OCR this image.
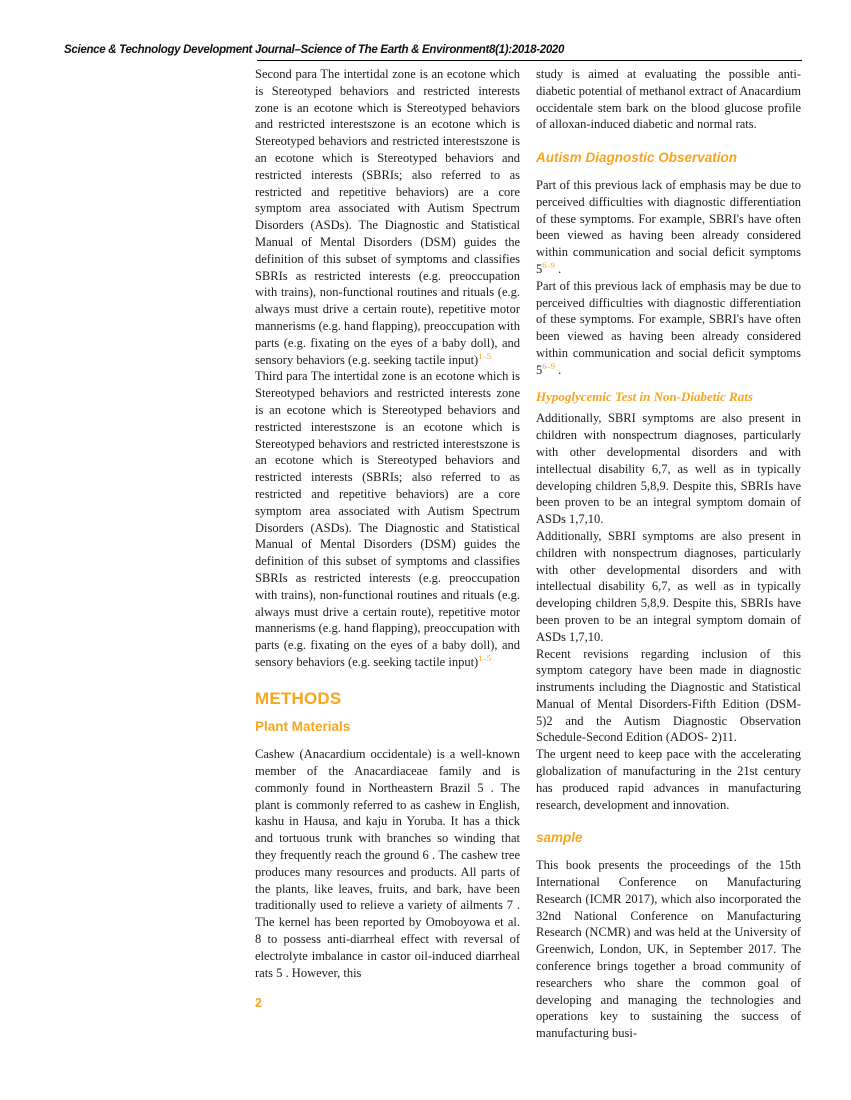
Science & Technology Development Journal–Science of The Earth & Environment8(1):2018-2020

Second para The intertidal zone is an ecotone which is Stereotyped behaviors and restricted interests zone is an ecotone which is Stereotyped behaviors and restricted interestszone is an ecotone which is Stereotyped behaviors and restricted interestszone is an ecotone which is Stereotyped behaviors and restricted interests (SBRIs; also referred to as restricted and repetitive behaviors) are a core symptom area associated with Autism Spectrum Disorders (ASDs). The Diagnostic and Statistical Manual of Mental Disorders (DSM) guides the definition of this subset of symptoms and classifies SBRIs as restricted interests (e.g. preoccupation with trains), non-functional routines and rituals (e.g. always must drive a certain route), repetitive motor mannerisms (e.g. hand flapping), preoccupation with parts (e.g. fixating on the eyes of a baby doll), and sensory behaviors (e.g. seeking tactile input)$^{1-5}$

Third para The intertidal zone is an ecotone which is Stereotyped behaviors and restricted interests zone is an ecotone which is Stereotyped behaviors and restricted interestszone is an ecotone which is Stereotyped behaviors and restricted interestszone is an ecotone which is Stereotyped behaviors and restricted interests (SBRIs; also referred to as restricted and repetitive behaviors) are a core symptom area associated with Autism Spectrum Disorders (ASDs). The Diagnostic and Statistical Manual of Mental Disorders (DSM) guides the definition of this subset of symptoms and classifies SBRIs as restricted interests (e.g. preoccupation with trains), non-functional routines and rituals (e.g. always must drive a certain route), repetitive motor mannerisms (e.g. hand flapping), preoccupation with parts (e.g. fixating on the eyes of a baby doll), and sensory behaviors (e.g. seeking tactile input)$^{1-5}$

METHODS
Plant Materials

Cashew (Anacardium occidentale) is a well-known member of the Anacardiaceae family and is commonly found in Northeastern Brazil 5 . The plant is commonly referred to as cashew in English, kashu in Hausa, and kaju in Yoruba. It has a thick and tortuous trunk with branches so winding that they frequently reach the ground 6 . The cashew tree produces many resources and products. All parts of the plants, like leaves, fruits, and bark, have been traditionally used to relieve a variety of ailments 7 . The kernel has been reported by Omoboyowa et al. 8 to possess anti-diarrheal effect with reversal of electrolyte imbalance in castor oil-induced diarrheal rats 5 . However, this

study is aimed at evaluating the possible anti-diabetic potential of methanol extract of Anacardium occidentale stem bark on the blood glucose profile of alloxan-induced diabetic and normal rats.

Autism Diagnostic Observation

Part of this previous lack of emphasis may be due to perceived difficulties with diagnostic differentiation of these symptoms. For example, SBRI's have often been viewed as having been already considered within communication and social deficit symptoms 5$^{6-9}$ .

Part of this previous lack of emphasis may be due to perceived difficulties with diagnostic differentiation of these symptoms. For example, SBRI's have often been viewed as having been already considered within communication and social deficit symptoms 5$^{6-9}$ .

Hypoglycemic Test in Non-Diabetic Rats

Additionally, SBRI symptoms are also present in children with nonspectrum diagnoses, particularly with other developmental disorders and with intellectual disability 6,7, as well as in typically developing children 5,8,9. Despite this, SBRIs have been proven to be an integral symptom domain of ASDs 1,7,10.

Additionally, SBRI symptoms are also present in children with nonspectrum diagnoses, particularly with other developmental disorders and with intellectual disability 6,7, as well as in typically developing children 5,8,9. Despite this, SBRIs have been proven to be an integral symptom domain of ASDs 1,7,10.

Recent revisions regarding inclusion of this symptom category have been made in diagnostic instruments including the Diagnostic and Statistical Manual of Mental Disorders-Fifth Edition (DSM-5)2 and the Autism Diagnostic Observation Schedule-Second Edition (ADOS- 2)11.

The urgent need to keep pace with the accelerating globalization of manufacturing in the 21st century has produced rapid advances in manufacturing research, development and innovation.

sample

This book presents the proceedings of the 15th International Conference on Manufacturing Research (ICMR 2017), which also incorporated the 32nd National Conference on Manufacturing Research (NCMR) and was held at the University of Greenwich, London, UK, in September 2017. The conference brings together a broad community of researchers who share the common goal of developing and managing the technologies and operations key to sustaining the success of manufacturing busi-

2
